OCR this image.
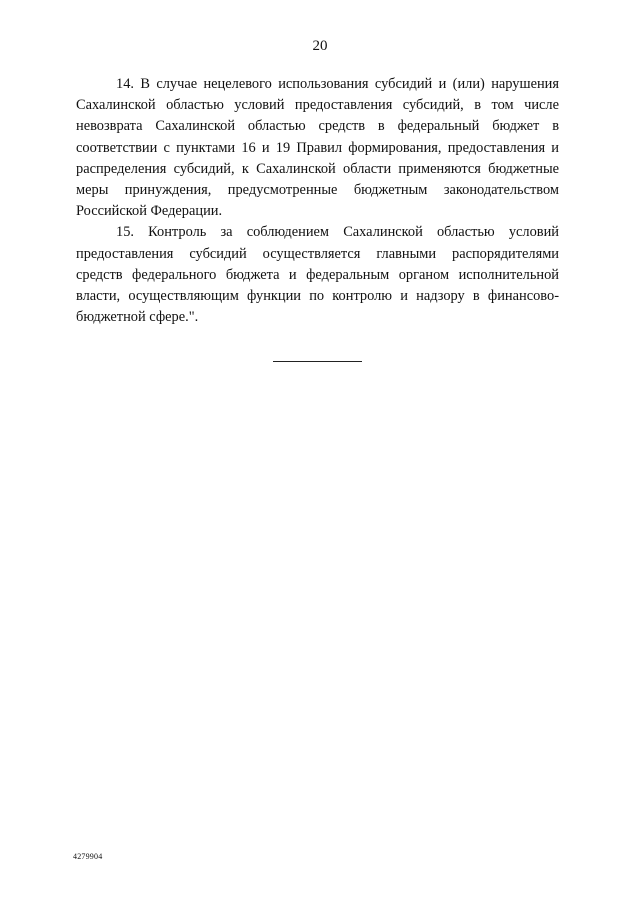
20

14. В случае нецелевого использования субсидий и (или) нарушения Сахалинской областью условий предоставления субсидий, в том числе невозврата Сахалинской областью средств в федеральный бюджет в соответствии с пунктами 16 и 19 Правил формирования, предоставления и распределения субсидий, к Сахалинской области применяются бюджетные меры принуждения, предусмотренные бюджетным законодательством Российской Федерации.

15. Контроль за соблюдением Сахалинской областью условий предоставления субсидий осуществляется главными распорядителями средств федерального бюджета и федеральным органом исполнительной власти, осуществляющим функции по контролю и надзору в финансово-бюджетной сфере.".

4279904
